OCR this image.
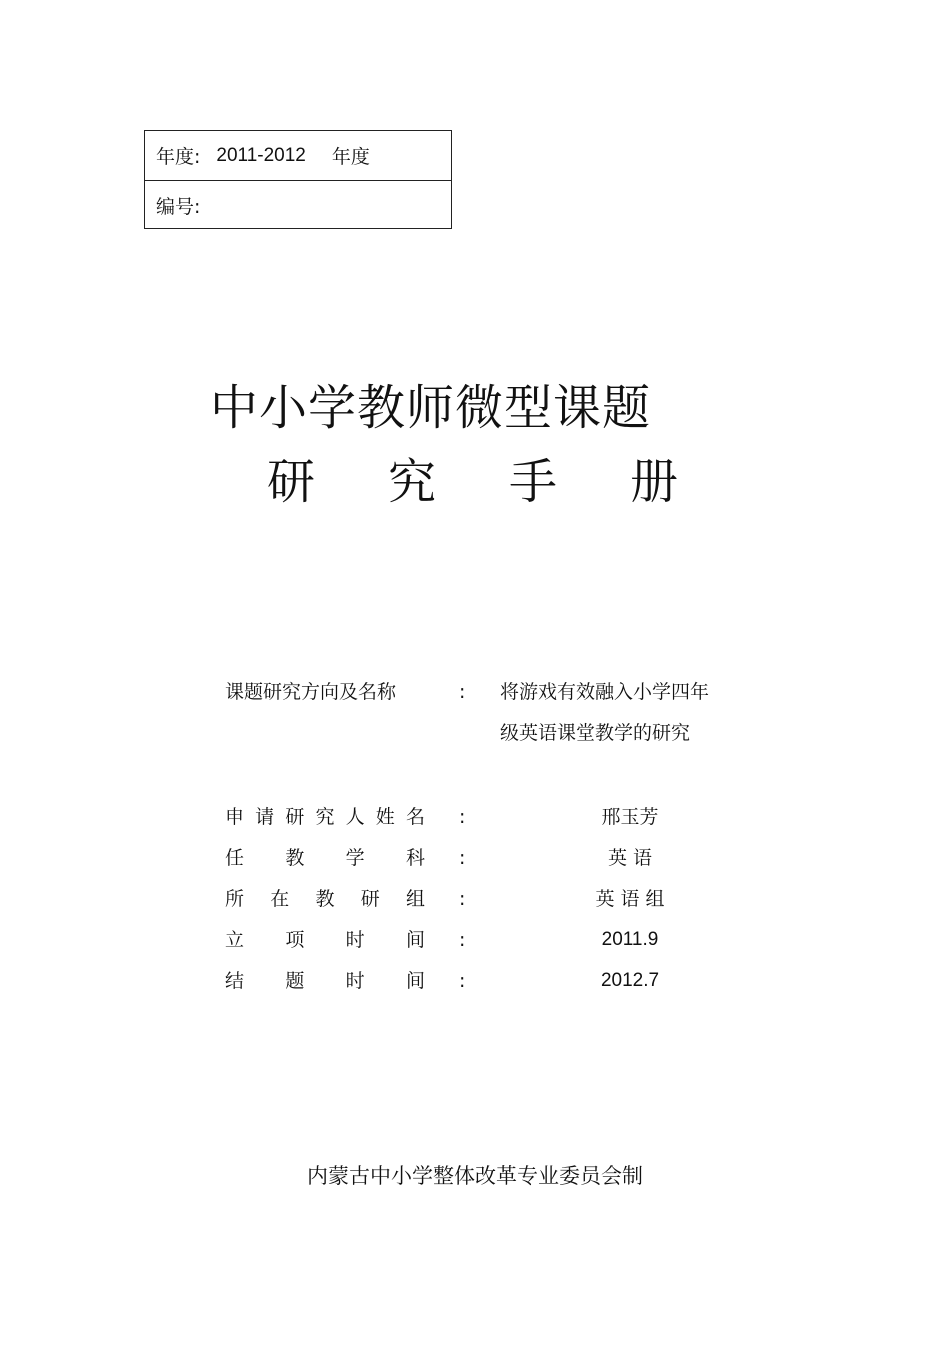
年度: 2011-2012 年度
编号:
中小学教师微型课题
研	究	手	册
课题研究方向及名称	: 将游戏有效融入小学四年级英语课堂教学的研究
申 请 研 究 人 姓 名 :	邢玉芳
任 教 学 科 :	英 语
所 在 教 研 组 :	英 语 组
立 项 时 间 :	2011.9
结 题 时 间 :	2012.7
内蒙古中小学整体改革专业委员会制
